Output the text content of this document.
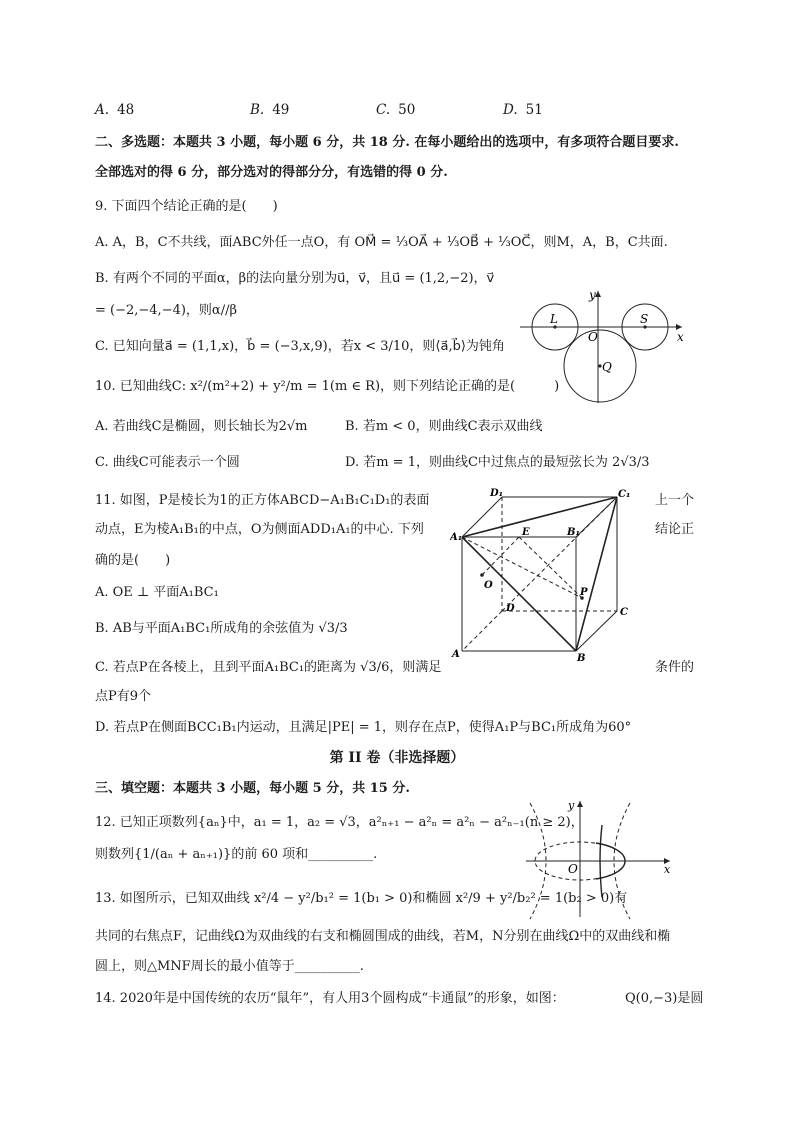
A. 48	B. 49	C. 50	D. 51
二、多选题：本题共 3 小题，每小题 6 分，共 18 分. 在每小题给出的选项中，有多项符合题目要求.
全部选对的得 6 分，部分选对的得部分分，有选错的得 0 分.
9. 下面四个结论正确的是(　　)
A. A，B，C不共线，面ABC外任一点O，有 OM⃗ = ⅓OA⃗ + ⅓OB⃗ + ⅓OC⃗，则M，A，B，C共面.
B. 有两个不同的平面α，β的法向量分别为u⃗，v⃗，且u⃗ = (1,2,−2)，v⃗
= (−2,−4,−4)，则α//β
C. 已知向量a⃗ = (1,1,x)，b⃗ = (−3,x,9)，若x < 3/10，则⟨a⃗,b⃗⟩为钝角
L	S
O
Q
x
y
10. 已知曲线C: x²/(m²+2) + y²/m = 1(m ∈ R)，则下列结论正确的是(　　　)
A. 若曲线C是椭圆，则长轴长为2√m	B. 若m < 0，则曲线C表示双曲线
C. 曲线C可能表示一个圆	D. 若m = 1，则曲线C中过焦点的最短弦长为 2√3/3
11. 如图，P是棱长为1的正方体ABCD−A₁B₁C₁D₁的表面	上一个
动点，E为棱A₁B₁的中点，O为侧面ADD₁A₁的中心. 下列	结论正
确的是(　　)
A. OE ⊥ 平面A₁BC₁
B. AB与平面A₁BC₁所成角的余弦值为 √3/3
C. 若点P在各棱上，且到平面A₁BC₁的距离为 √3/6，则满足	条件的
点P有9个
D. 若点P在侧面BCC₁B₁内运动，且满足|PE| = 1，则存在点P，使得A₁P与BC₁所成角为60°
D₁	C₁
A₁	B₁
E
O
P
D	C
A	B
第 II 卷（非选择题）
三、填空题：本题共 3 小题，每小题 5 分，共 15 分.
12. 已知正项数列{aₙ}中，a₁ = 1，a₂ = √3，a²ₙ₊₁ − a²ₙ = a²ₙ − a²ₙ₋₁(n ≥ 2)，
则数列{1/(aₙ + aₙ₊₁)}的前 60 项和__________.
O	x
y
13. 如图所示，已知双曲线 x²/4 − y²/b₁² = 1(b₁ > 0)和椭圆 x²/9 + y²/b₂² = 1(b₂ > 0)有
共同的右焦点F，记曲线Ω为双曲线的右支和椭圆围成的曲线，若M，N分别在曲线Ω中的双曲线和椭
圆上，则△MNF周长的最小值等于__________.
14. 2020年是中国传统的农历“鼠年”，有人用3个圆构成“卡通鼠”的形象，如图：	Q(0,−3)是圆
